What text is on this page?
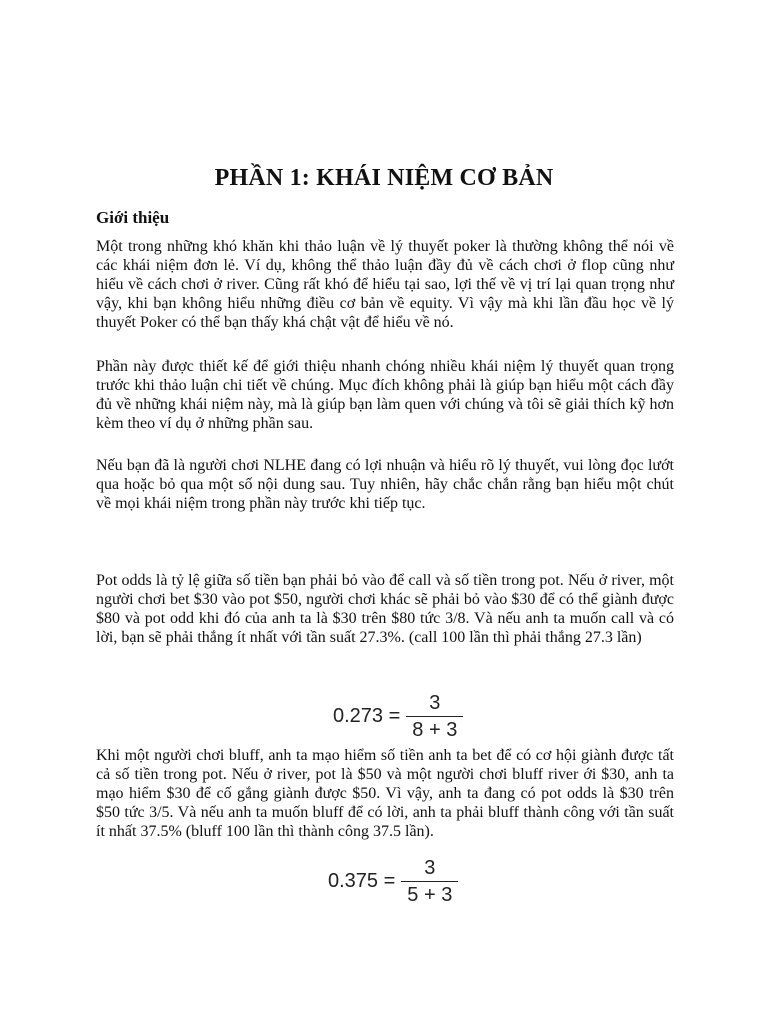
PHẦN 1: KHÁI NIỆM CƠ BẢN
Giới thiệu

Một trong những khó khăn khi thảo luận về lý thuyết poker là thường không thể nói về các khái niệm đơn lẻ. Ví dụ, không thể thảo luận đầy đủ về cách chơi ở flop cũng như hiểu về cách chơi ở river. Cũng rất khó để hiểu tại sao, lợi thế về vị trí lại quan trọng như vậy, khi bạn không hiểu những điều cơ bản về equity. Vì vậy mà khi lần đầu học về lý thuyết Poker có thể bạn thấy khá chật vật để hiểu về nó.

Phần này được thiết kế để giới thiệu nhanh chóng nhiều khái niệm lý thuyết quan trọng trước khi thảo luận chi tiết về chúng. Mục đích không phải là giúp bạn hiểu một cách đầy đủ về những khái niệm này, mà là giúp bạn làm quen với chúng và tôi sẽ giải thích kỹ hơn kèm theo ví dụ ở những phần sau.

Nếu bạn đã là người chơi NLHE đang có lợi nhuận và hiểu rõ lý thuyết, vui lòng đọc lướt qua hoặc bỏ qua một số nội dung sau. Tuy nhiên, hãy chắc chắn rằng bạn hiểu một chút về mọi khái niệm trong phần này trước khi tiếp tục.

Pot odds là tỷ lệ giữa số tiền bạn phải bỏ vào để call và số tiền trong pot. Nếu ở river, một người chơi bet $30 vào pot $50, người chơi khác sẽ phải bỏ vào $30 để có thể giành được $80 và pot odd khi đó của anh ta là $30 trên $80 tức 3/8. Và nếu anh ta muốn call và có lời, bạn sẽ phải thắng ít nhất với tần suất 27.3%. (call 100 lần thì phải thắng 27.3 lần)

$0.273 = \frac{3}{8 + 3}$

Khi một người chơi bluff, anh ta mạo hiểm số tiền anh ta bet để có cơ hội giành được tất cả số tiền trong pot. Nếu ở river, pot là $50 và một người chơi bluff river ới $30, anh ta mạo hiểm $30 để cố gắng giành được $50. Vì vậy, anh ta đang có pot odds là $30 trên $50 tức 3/5. Và nếu anh ta muốn bluff để có lời, anh ta phải bluff thành công với tần suất ít nhất 37.5% (bluff 100 lần thì thành công 37.5 lần).

$0.375 = \frac{3}{5 + 3}$
